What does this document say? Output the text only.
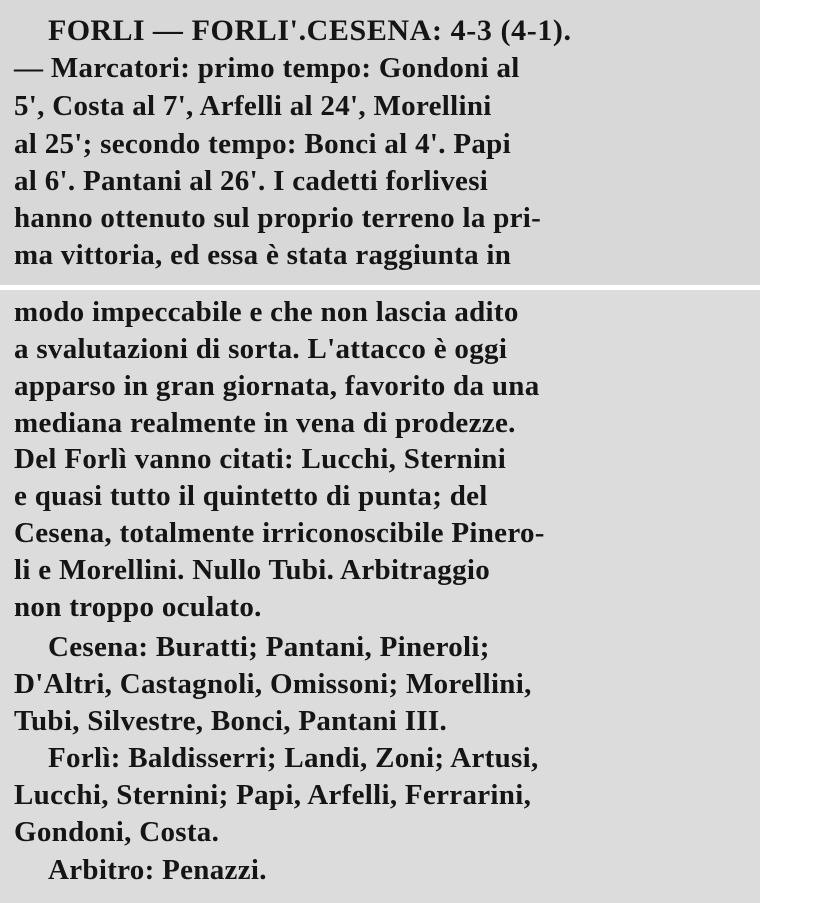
FORLI — FORLI'.CESENA: 4-3 (4-1).
— Marcatori: primo tempo: Gondoni al
5', Costa al 7', Arfelli al 24', Morellini
al 25'; secondo tempo: Bonci al 4'. Papi
al 6'. Pantani al 26'. I cadetti forlivesi
hanno ottenuto sul proprio terreno la pri-
ma vittoria, ed essa è stata raggiunta in
modo impeccabile e che non lascia adito
a svalutazioni di sorta. L'attacco è oggi
apparso in gran giornata, favorito da una
mediana realmente in vena di prodezze.
Del Forlì vanno citati: Lucchi, Sternini
e quasi tutto il quintetto di punta; del
Cesena, totalmente irriconoscibile Pinero-
li e Morellini. Nullo Tubi. Arbitraggio
non troppo oculato.
Cesena: Buratti; Pantani, Pineroli;
D'Altri, Castagnoli, Omissoni; Morellini,
Tubi, Silvestre, Bonci, Pantani III.
Forlì: Baldisserri; Landi, Zoni; Artusi,
Lucchi, Sternini; Papi, Arfelli, Ferrarini,
Gondoni, Costa.
Arbitro: Penazzi.
